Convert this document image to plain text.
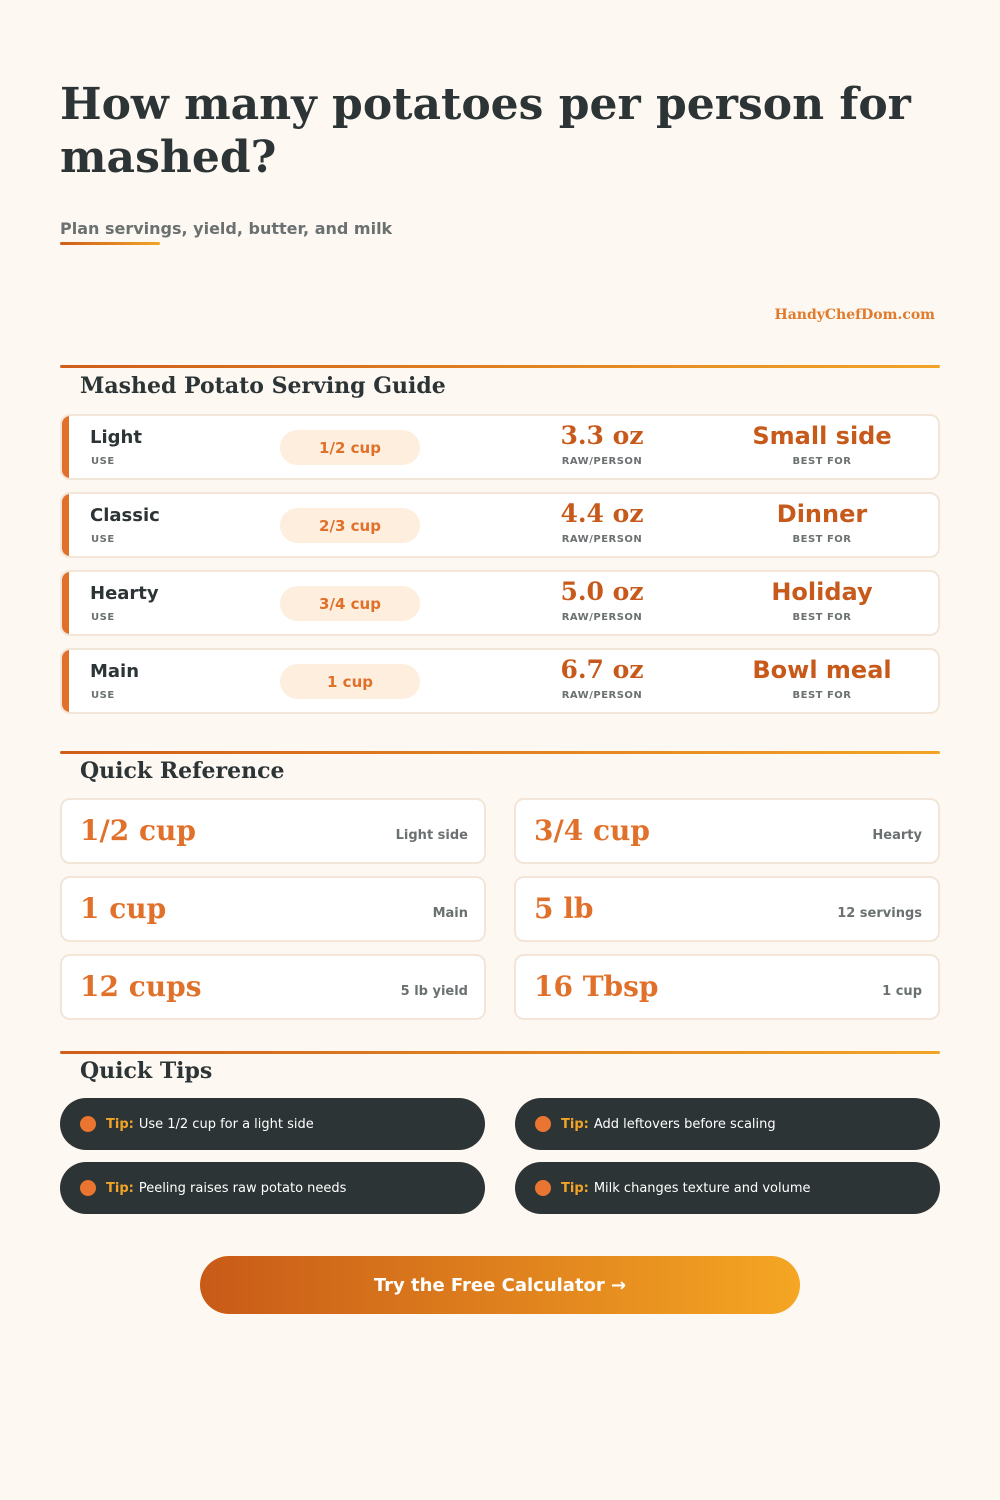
How many potatoes per person for mashed?
Plan servings, yield, butter, and milk
HandyChefDom.com
Mashed Potato Serving Guide
Light
USE
1/2 cup	3.3 oz
RAW/PERSON
Small side
BEST FOR
Classic
USE
2/3 cup	4.4 oz
RAW/PERSON
Dinner
BEST FOR
Hearty
USE
3/4 cup	5.0 oz
RAW/PERSON
Holiday
BEST FOR
Main
USE
1 cup	6.7 oz
RAW/PERSON
Bowl meal
BEST FOR
Quick Reference
1/2 cup	Light side 3/4 cup	Hearty
1 cup	Main 5 lb	12 servings
12 cups	5 lb yield 16 Tbsp	1 cup
Quick Tips
Tip: Use 1/2 cup for a light side	Tip: Add leftovers before scaling
Tip: Peeling raises raw potato needs	Tip: Milk changes texture and volume
Try the Free Calculator →
